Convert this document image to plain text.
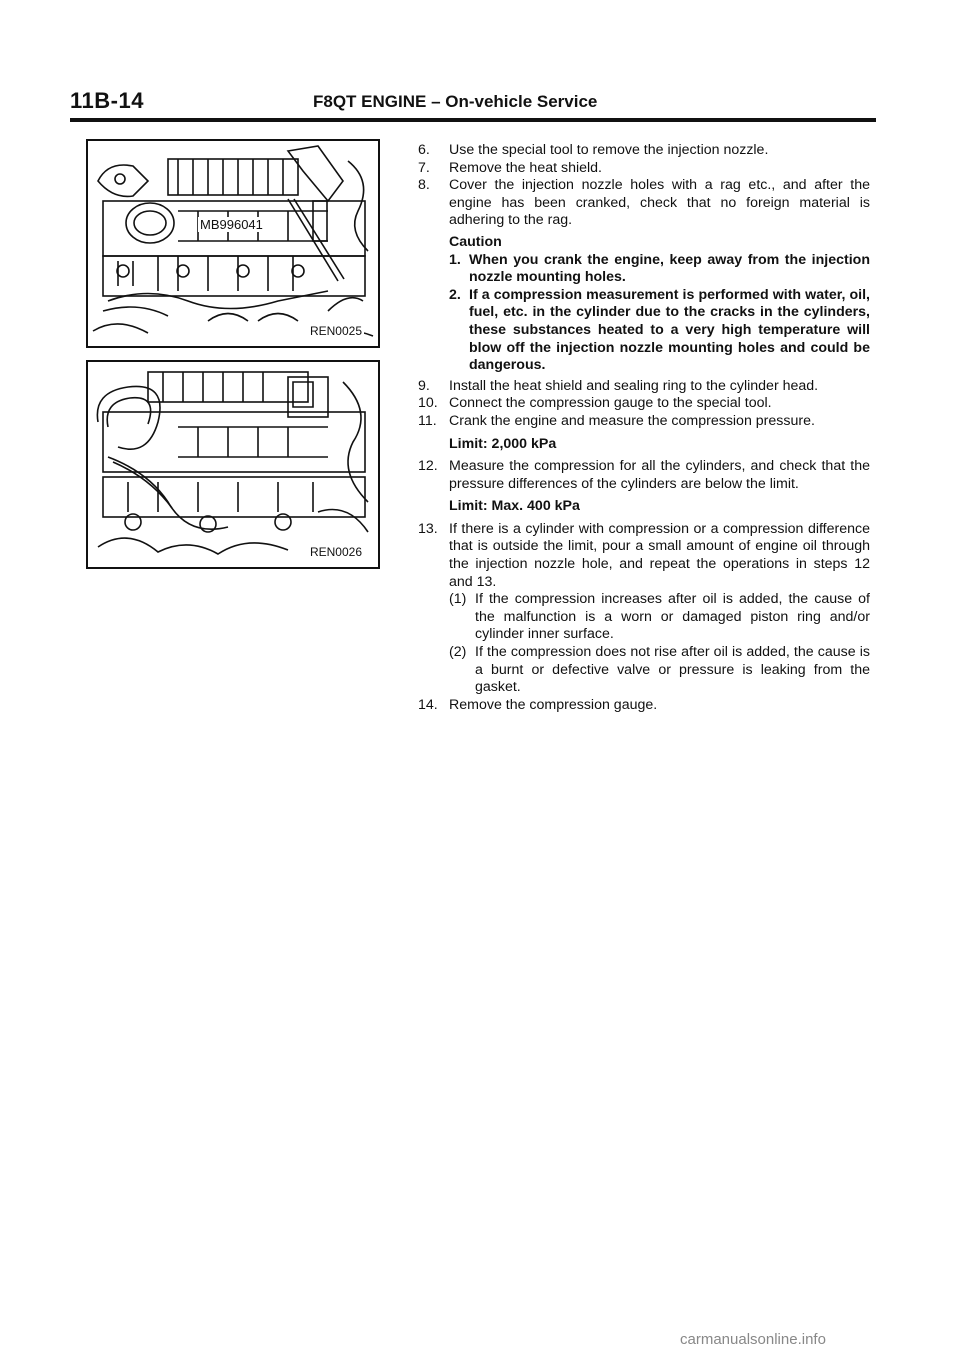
11B-14	F8QT ENGINE – On-vehicle Service
MB996041
REN0025
REN0026
6. Use the special tool to remove the injection nozzle.
7. Remove the heat shield.
8. Cover the injection nozzle holes with a rag etc., and after the engine has been cranked, check that no foreign material is adhering to the rag.
Caution
1. When you crank the engine, keep away from the injection nozzle mounting holes.
2. If a compression measurement is performed with water, oil, fuel, etc. in the cylinder due to the cracks in the cylinders, these substances heated to a very high temperature will blow off the injection nozzle mounting holes and could be dangerous.
9. Install the heat shield and sealing ring to the cylinder head.
10. Connect the compression gauge to the special tool.
11. Crank the engine and measure the compression pressure.
Limit: 2,000 kPa
12. Measure the compression for all the cylinders, and check that the pressure differences of the cylinders are below the limit.
Limit: Max. 400 kPa
13. If there is a cylinder with compression or a compression difference that is outside the limit, pour a small amount of engine oil through the injection nozzle hole, and repeat the operations in steps 12 and 13.
(1) If the compression increases after oil is added, the cause of the malfunction is a worn or damaged piston ring and/or cylinder inner surface.
(2) If the compression does not rise after oil is added, the cause is a burnt or defective valve or pressure is leaking from the gasket.
14. Remove the compression gauge.
carmanualsonline.info
